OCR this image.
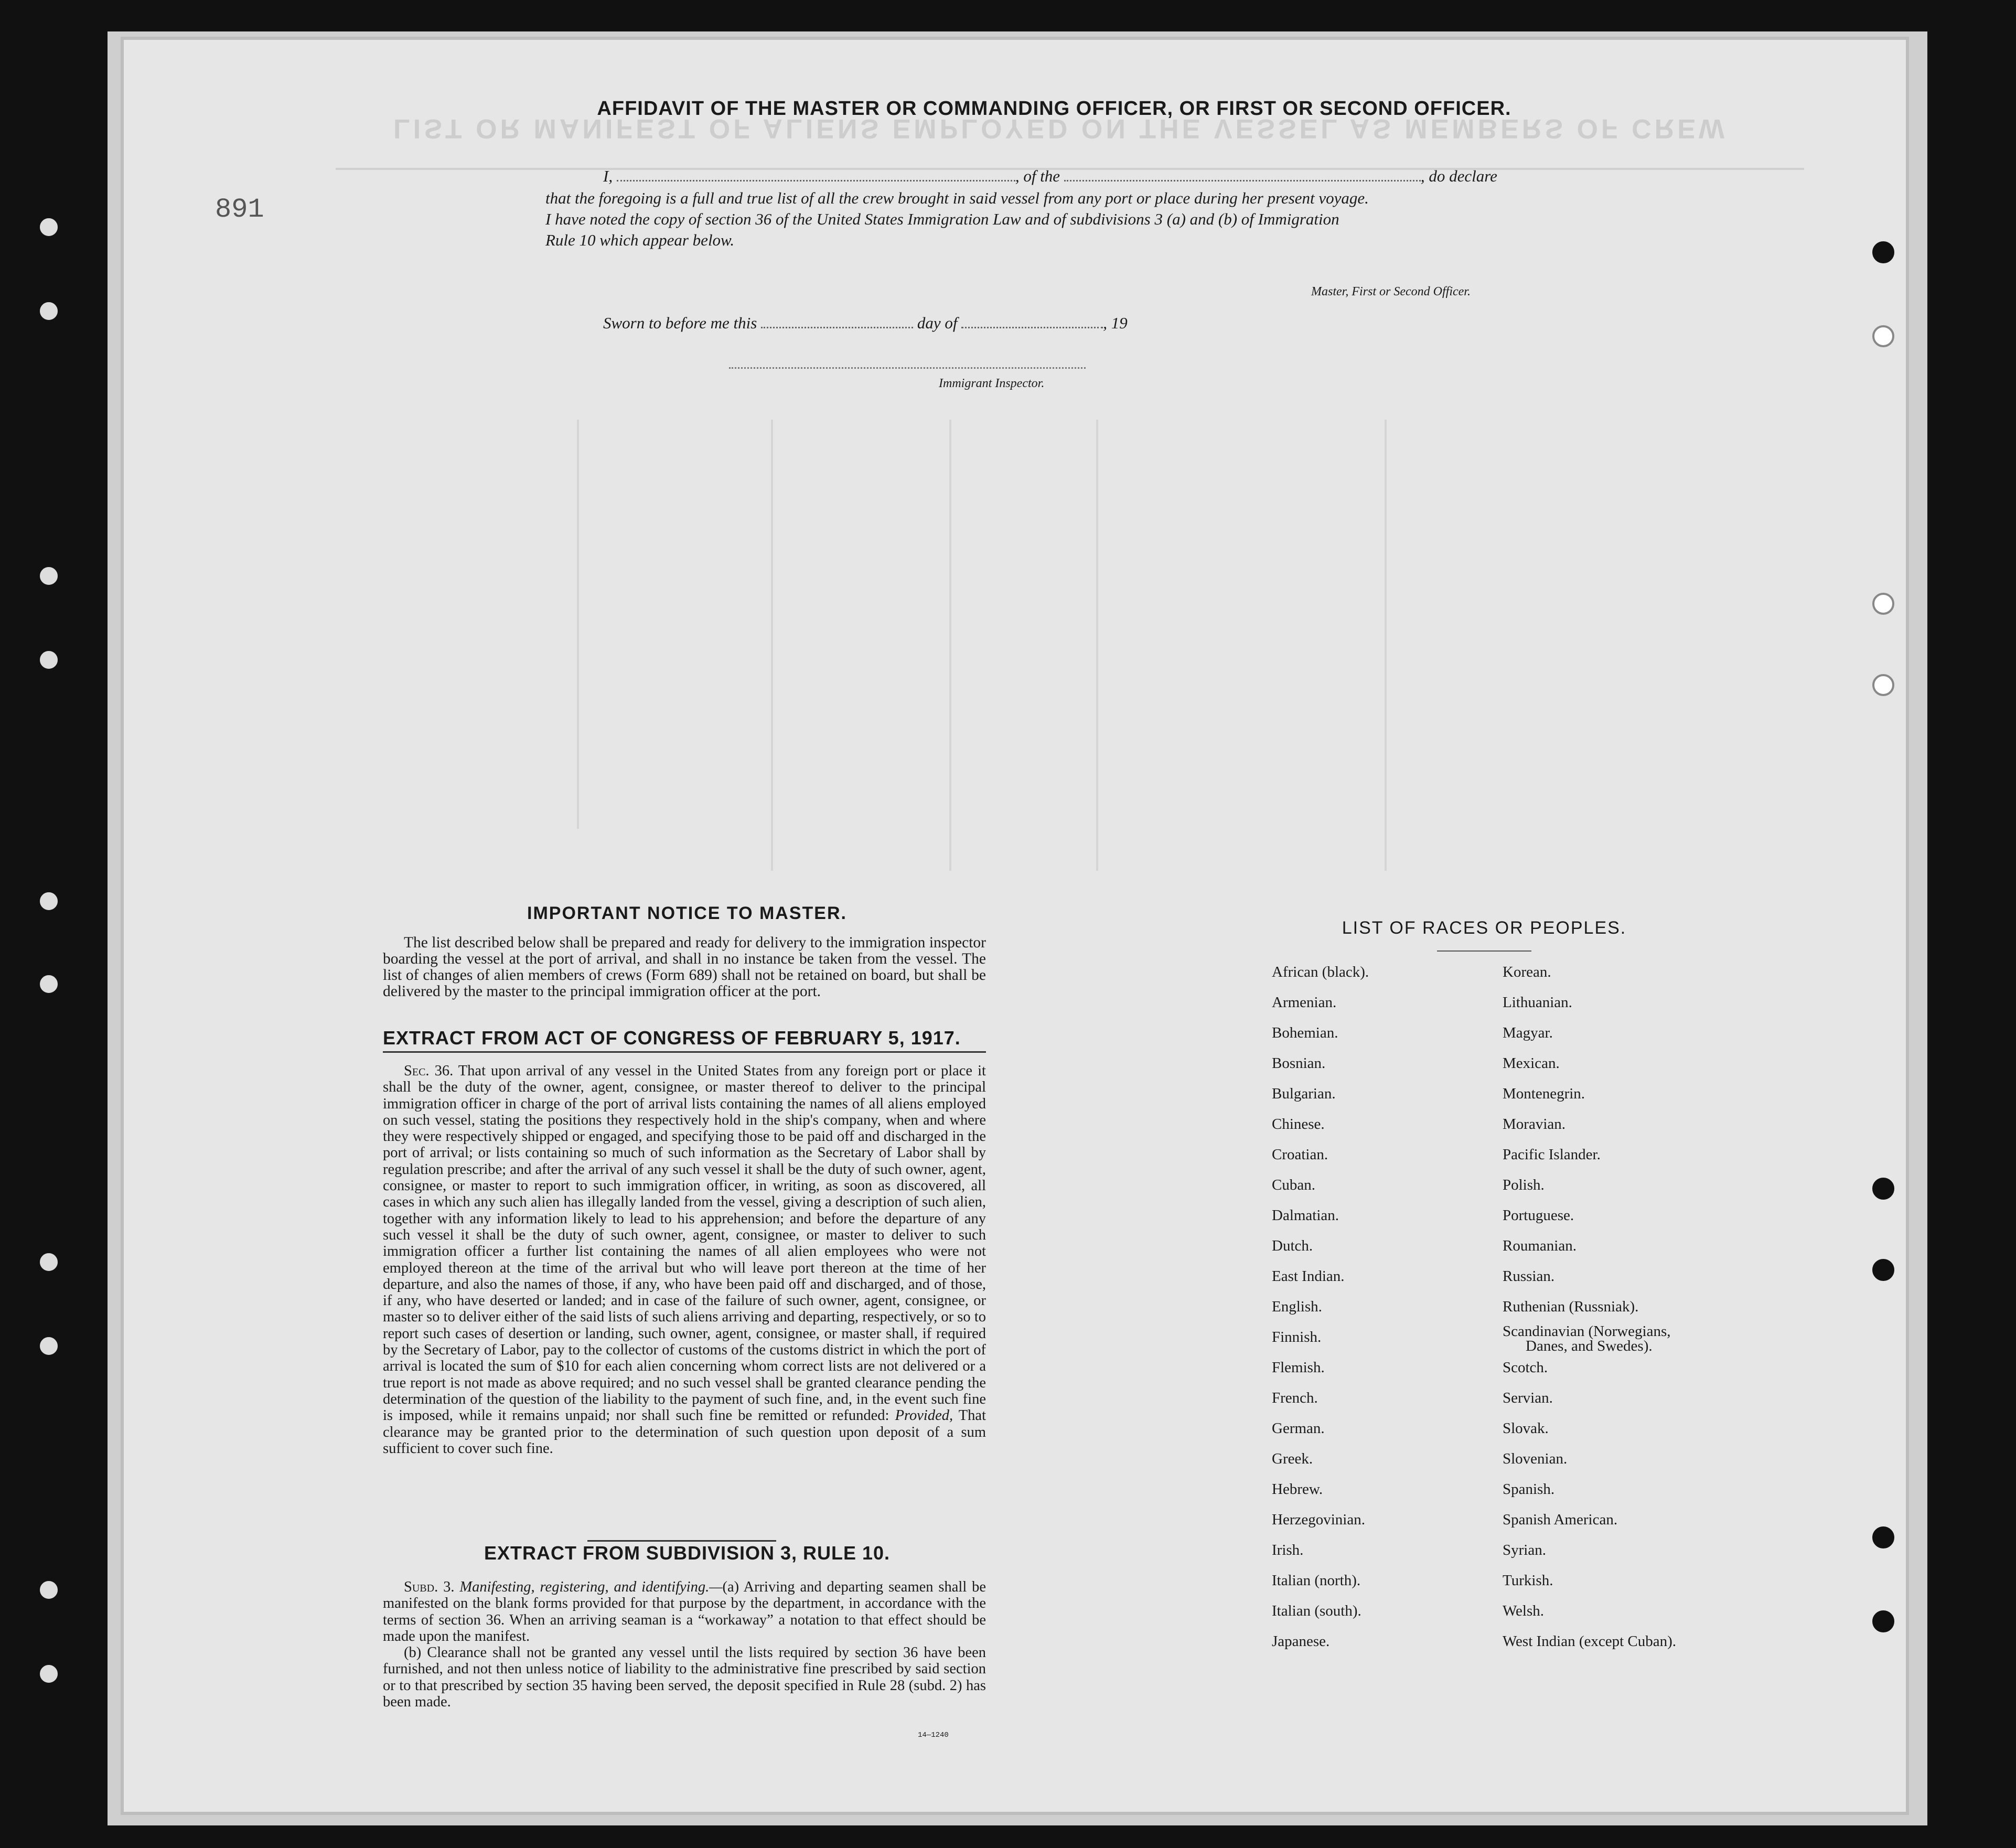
LIST OR MANIFEST OF ALIENS EMPLOYED ON THE VESSEL AS MEMBERS OF CREW
891
AFFIDAVIT OF THE MASTER OR COMMANDING OFFICER, OR FIRST OR SECOND OFFICER.
I,	, of the	, do declare
that the foregoing is a full and true list of all the crew brought in said vessel from any port or place during her present voyage.
I have noted the copy of section 36 of the United States Immigration Law and of subdivisions 3 (a) and (b) of Immigration
Rule 10 which appear below.
Master, First or Second Officer.
Sworn to before me this	day of	, 19
Immigrant Inspector.
IMPORTANT NOTICE TO MASTER.
The list described below shall be prepared and ready for delivery to the immigration inspector boarding the vessel at the port of arrival, and shall in no instance be taken from the vessel. The list of changes of alien members of crews (Form 689) shall not be retained on board, but shall be delivered by the master to the principal immigration officer at the port.
EXTRACT FROM ACT OF CONGRESS OF FEBRUARY 5, 1917.
Sec. 36. That upon arrival of any vessel in the United States from any foreign port or place it shall be the duty of the owner, agent, consignee, or master thereof to deliver to the principal immigration officer in charge of the port of arrival lists containing the names of all aliens employed on such vessel, stating the positions they respectively hold in the ship's company, when and where they were respectively shipped or engaged, and specifying those to be paid off and discharged in the port of arrival; or lists containing so much of such information as the Secretary of Labor shall by regulation prescribe; and after the arrival of any such vessel it shall be the duty of such owner, agent, consignee, or master to report to such immigration officer, in writing, as soon as discovered, all cases in which any such alien has illegally landed from the vessel, giving a description of such alien, together with any information likely to lead to his apprehension; and before the departure of any such vessel it shall be the duty of such owner, agent, consignee, or master to deliver to such immigration officer a further list containing the names of all alien employees who were not employed thereon at the time of the arrival but who will leave port thereon at the time of her departure, and also the names of those, if any, who have been paid off and discharged, and of those, if any, who have deserted or landed; and in case of the failure of such owner, agent, consignee, or master so to deliver either of the said lists of such aliens arriving and departing, respectively, or so to report such cases of desertion or landing, such owner, agent, consignee, or master shall, if required by the Secretary of Labor, pay to the collector of customs of the customs district in which the port of arrival is located the sum of $10 for each alien concerning whom correct lists are not delivered or a true report is not made as above required; and no such vessel shall be granted clearance pending the determination of the question of the liability to the payment of such fine, and, in the event such fine is imposed, while it remains unpaid; nor shall such fine be remitted or refunded: Provided, That clearance may be granted prior to the determination of such question upon deposit of a sum sufficient to cover such fine.
EXTRACT FROM SUBDIVISION 3, RULE 10.

Subd. 3. Manifesting, registering, and identifying.—(a) Arriving and departing seamen shall be manifested on the blank forms provided for that purpose by the department, in accordance with the terms of section 36. When an arriving seaman is a “workaway” a notation to that effect should be made upon the manifest.

(b) Clearance shall not be granted any vessel until the lists required by section 36 have been furnished, and not then unless notice of liability to the administrative fine prescribed by said section or to that prescribed by section 35 having been served, the deposit specified in Rule 28 (subd. 2) has been made.

14—1240
LIST OF RACES OR PEOPLES.
African (black).
Armenian.
Bohemian.
Bosnian.
Bulgarian.
Chinese.
Croatian.
Cuban.
Dalmatian.
Dutch.
East Indian.
English.
Finnish.
Flemish.
French.
German.
Greek.
Hebrew.
Herzegovinian.
Irish.
Italian (north).
Italian (south).
Japanese.
Korean.
Lithuanian.
Magyar.
Mexican.
Montenegrin.
Moravian.
Pacific Islander.
Polish.
Portuguese.
Roumanian.
Russian.
Ruthenian (Russniak).
Scandinavian (Norwegians,
Danes, and Swedes).
Scotch.
Servian.
Slovak.
Slovenian.
Spanish.
Spanish American.
Syrian.
Turkish.
Welsh.
West Indian (except Cuban).
